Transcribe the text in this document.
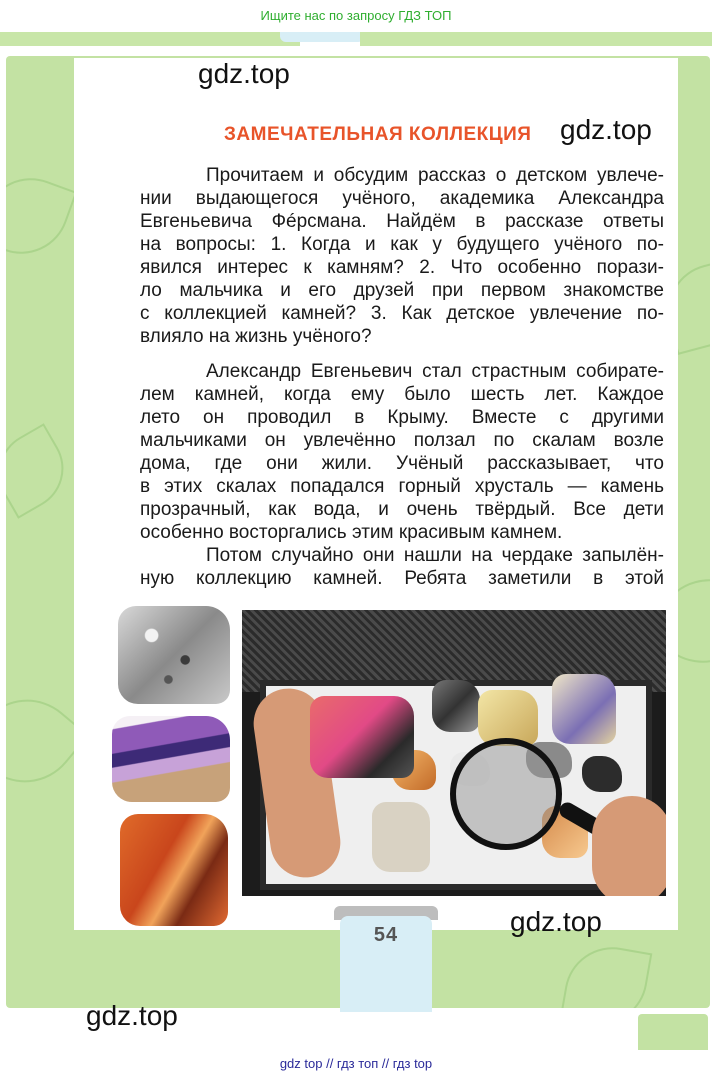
Ищите нас по запросу ГДЗ ТОП
gdz.top
gdz.top
ЗАМЕЧАТЕЛЬНАЯ КОЛЛЕКЦИЯ
Прочитаем и обсудим рассказ о детском увлече-
нии выдающегося учёного, академика Александра
Евгеньевича Фéрсмана. Найдём в рассказе ответы
на вопросы: 1. Когда и как у будущего учёного по-
явился интерес к камням? 2. Что особенно порази-
ло мальчика и его друзей при первом знакомстве
с коллекцией камней? 3. Как детское увлечение по-
влияло на жизнь учёного?
Александр Евгеньевич стал страстным собирате-
лем камней, когда ему было шесть лет. Каждое
лето он проводил в Крыму. Вместе с другими
мальчиками он увлечённо ползал по скалам возле
дома, где они жили. Учёный рассказывает, что
в этих скалах попадался горный хрусталь — камень
прозрачный, как вода, и очень твёрдый. Все дети
особенно восторгались этим красивым камнем.
Потом случайно они нашли на чердаке запылён-
ную коллекцию камней. Ребята заметили в этой
gdz.top
54
gdz.top
gdz top // гдз топ // гдз top
